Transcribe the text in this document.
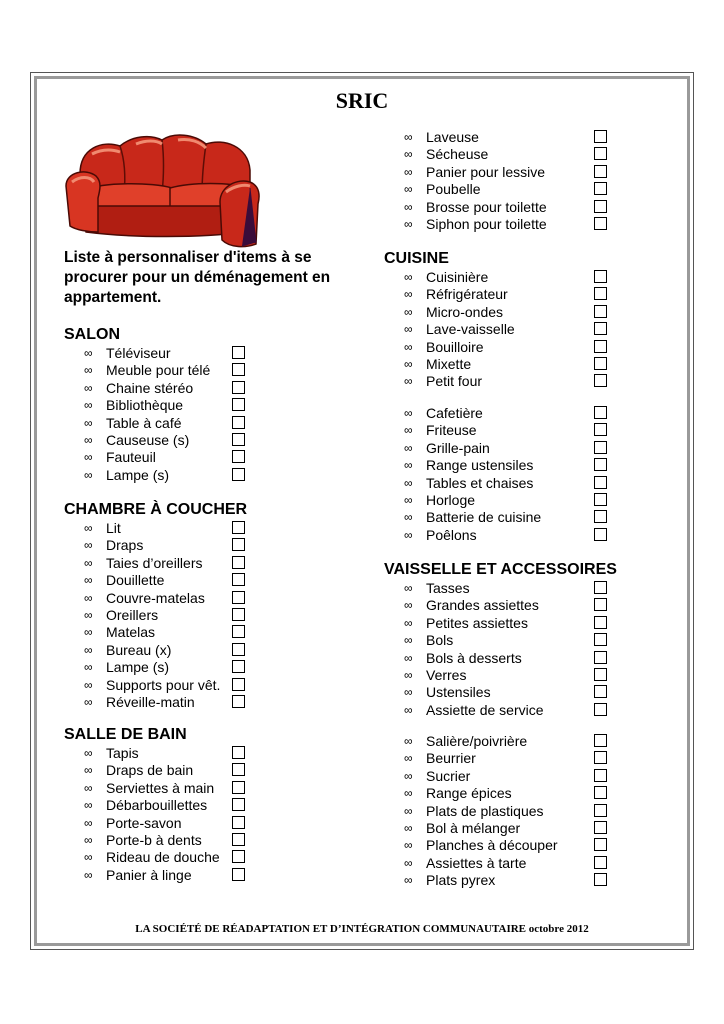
SRIC

Liste à personnaliser d'items à se procurer pour un déménagement en appartement.

SALON
∞ Téléviseur
∞ Meuble pour télé
∞ Chaine stéréo
∞ Bibliothèque
∞ Table à café
∞ Causeuse (s)
∞ Fauteuil
∞ Lampe (s)
CHAMBRE À COUCHER
∞ Lit
∞ Draps
∞ Taies d’oreillers
∞ Douillette
∞ Couvre-matelas
∞ Oreillers
∞ Matelas
∞ Bureau (x)
∞ Lampe (s)
∞ Supports pour vêt.
∞ Réveille-matin
SALLE DE BAIN
∞ Tapis
∞ Draps de bain
∞ Serviettes à main
∞ Débarbouillettes
∞ Porte-savon
∞ Porte-b à dents
∞ Rideau de douche
∞ Panier à linge
∞ Laveuse
∞ Sécheuse
∞ Panier pour lessive
∞ Poubelle
∞ Brosse pour toilette
∞ Siphon pour toilette
CUISINE
∞ Cuisinière
∞ Réfrigérateur
∞ Micro-ondes
∞ Lave-vaisselle
∞ Bouilloire
∞ Mixette
∞ Petit four
∞ Cafetière
∞ Friteuse
∞ Grille-pain
∞ Range ustensiles
∞ Tables et chaises
∞ Horloge
∞ Batterie de cuisine
∞ Poêlons
VAISSELLE ET ACCESSOIRES
∞ Tasses
∞ Grandes assiettes
∞ Petites assiettes
∞ Bols
∞ Bols à desserts
∞ Verres
∞ Ustensiles
∞ Assiette de service
∞ Salière/poivrière
∞ Beurrier
∞ Sucrier
∞ Range épices
∞ Plats de plastiques
∞ Bol à mélanger
∞ Planches à découper
∞ Assiettes à tarte
∞ Plats pyrex
LA SOCIÉTÉ DE RÉADAPTATION ET D’INTÉGRATION COMMUNAUTAIRE octobre 2012
